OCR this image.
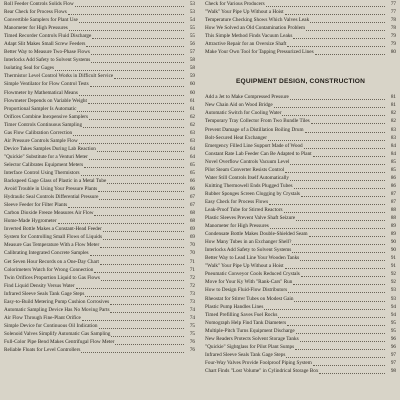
Roll Feeder Controls Solids Flow	53
Rear Check for Process Flows	53
Convertible Samplers for Plant Use	54
Manometer for High Pressures	55
Timed Recorder Controls Fluid Discharge	55
Adapt Slit Makes Small Screw Feeders	56
Better Way to Measure Two-Phase Flows	57
Interlocks Add Safety to Solvent Systems	58
Isolating Seal for Gages	58
Thermistor Level Control Works in Difficult Service	59
Simple Ventilator for Flow Control Tests	60
Flowmeter by Mathematical Means	60
Flowmeter Depends on Variable Weight	61
Proportional Sampler Is Automatic	61
Orifices Combine Inexpensive Samplers	62
Timer Controls Continuous Sampling	62
Gas Flow Calibration Correction	63
Air Pressure Controls Sample Flow	63
Device Takes Samples During Lab Reaction	64
"Quickie" Substitute for a Venturi Meter	64
Selector Calibrates Equipment Meters	65
Interface Control Using Thermistors	65
Backspeed Gage Glass of Plastic in a Metal Tube	66
Avoid Trouble in Using Your Pressure Plants	66
Hydraulic Seal Controls Differential Pressure	67
Sleeve Feeder for Filter Plants	67
Carbon Dioxide Freeze Measures Air Flow	68
Home-Made Hygrometer	68
Inverted Bottle Makes a Constant-Head Feeder	69
System for Controlling Small Flows of Liquids	69
Measure Gas Temperature With a Flow Meter	70
Calibrating Integrated Concrete Samples	70
Get Seven Hour Records on a One-Day Chart	71
Colorimeters Watch for Wrong Connection	71
Twin Orifices Proportion Liquid to Gas Flows	72
Find Liquid Density Versus Water	72
Infrared Sleeve Seals Tank Gage Steps	73
Easy-to-Build Metering Pump Cushion Corrosives	73
Automatic Sampling Device Has No Moving Parts	74
Air Flow Through Fine-Plant Orifice	74
Simple Device for Continuous Oil Indication	75
Solenoid Valves Simplify Automatic Gas Sampling	75
Full-Color Pipe Bend Makes Centrifugal Flow Meter	76
Reliable Floats for Level Controllers	76
Check for Various Producers	77
"Walk" Your Pipe Up Without a Hoist	77
Temperature Checking Shows Which Valves Leak	78
How We Solved an Old Contamination Problem	78
This Simple Method Finds Vacuum Leaks	79
Attractive Repair for an Oversize Shaft	79
Make Your Own Tool for Tapping Pressurized Lines	80
EQUIPMENT DESIGN, CONSTRUCTION
Add a Jet to Make Compressed Pressure	81
New Chain Aid on Wood Bridge	81
Automatic Switch for Cooling Water	82
Temporary Tray Collector From Two Bundle Tiles	82
Prevent Damage of a Distillation Boiling Drum	83
Bolt-Secured Heat Exchanger	83
Emergency Filled Line Support Made of Wood	84
Constant Rate Lab Feeder Can Be Adapted to Plant	84
Novel Overflow Controls Vacuum Level	85
Pilot Steam Converter Resists Control	85
Water Still Controls Itself Automatically	86
Knitting Thermowell Ends Plugged Tubes	86
Rubber Sponges Screen Clogging by Crystals	87
Easy Check for Process Flows	87
Leak-Proof Tube for Stirred Reactors	88
Plastic Sleeves Prevent Valve Shaft Seizure	88
Manometer for High Pressures	89
Condensate Bottle Makes Double-Shielded Seam	89
How Many Tubes in an Exchanger Shell?	90
Interlocks Add Safety to Solvent Systems	90
Better Way to Lead Line Your Wooden Tanks	91
"Walk" Your Pipe Up Without a Hoist	91
Pneumatic Conveyor Cools Reduced Crystals	92
Move for Your Ky With "Rank-Cars" Run	92
How to Design Fluid-Flow Distributors	93
Rheostat for Stirrer Tubes on Modest Gain	93
Plastic Pump Handles Lines	94
Timed Prefilling Saves Fuel Rocks	94
Nomograph Help Find Tank Diameters	95
Multiple-Pitch Turns Equipment Discharge	95
New Readers Protects Solvent Storage Tanks	96
"Quickie" Sightglass for Pilot Plant Sumps	96
Infrared Sleeve Seals Tank Gage Steps	97
Four-Way Valves Provide Foolproof Piping System	97
Chart Finds "Lost Volume" in Cylindrical Storage Box	98
